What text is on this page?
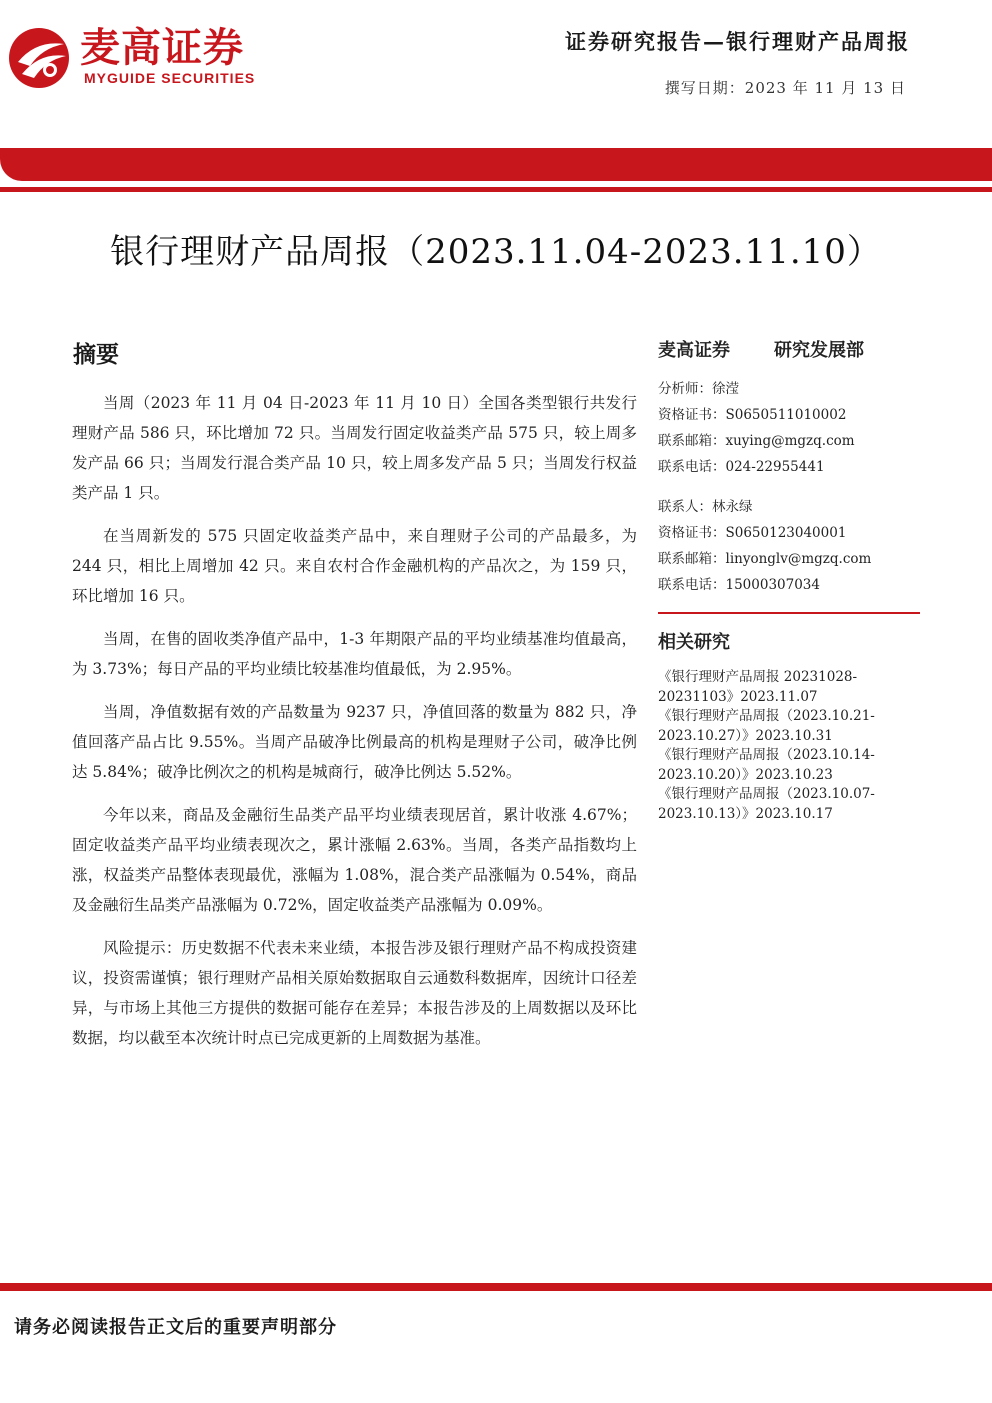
麦高证券
MYGUIDE SECURITIES
证券研究报告—银行理财产品周报
撰写日期：2023 年 11 月 13 日
银行理财产品周报（2023.11.04-2023.11.10）
摘要

当周（2023 年 11 月 04 日-2023 年 11 月 10 日）全国各类型银行共发行理财产品 586 只，环比增加 72 只。当周发行固定收益类产品 575 只，较上周多发产品 66 只；当周发行混合类产品 10 只，较上周多发产品 5 只；当周发行权益类产品 1 只。

在当周新发的 575 只固定收益类产品中，来自理财子公司的产品最多，为 244 只，相比上周增加 42 只。来自农村合作金融机构的产品次之，为 159 只，环比增加 16 只。

当周，在售的固收类净值产品中，1-3 年期限产品的平均业绩基准均值最高，为 3.73%；每日产品的平均业绩比较基准均值最低，为 2.95%。

当周，净值数据有效的产品数量为 9237 只，净值回落的数量为 882 只，净值回落产品占比 9.55%。当周产品破净比例最高的机构是理财子公司，破净比例达 5.84%；破净比例次之的机构是城商行，破净比例达 5.52%。

今年以来，商品及金融衍生品类产品平均业绩表现居首，累计收涨 4.67%；固定收益类产品平均业绩表现次之，累计涨幅 2.63%。当周，各类产品指数均上涨，权益类产品整体表现最优，涨幅为 1.08%，混合类产品涨幅为 0.54%，商品及金融衍生品类产品涨幅为 0.72%，固定收益类产品涨幅为 0.09%。

风险提示：历史数据不代表未来业绩，本报告涉及银行理财产品不构成投资建议，投资需谨慎；银行理财产品相关原始数据取自云通数科数据库，因统计口径差异，与市场上其他三方提供的数据可能存在差异；本报告涉及的上周数据以及环比数据，均以截至本次统计时点已完成更新的上周数据为基准。

麦高证券 研究发展部
分析师：徐滢
资格证书：S0650511010002
联系邮箱：xuying@mgzq.com
联系电话：024-22955441
联系人：林永绿
资格证书：S0650123040001
联系邮箱：linyonglv@mgzq.com
联系电话：15000307034
相关研究
《银行理财产品周报 20231028-20231103》2023.11.07
《银行理财产品周报（2023.10.21-2023.10.27）》2023.10.31
《银行理财产品周报（2023.10.14-2023.10.20）》2023.10.23
《银行理财产品周报（2023.10.07-2023.10.13）》2023.10.17
请务必阅读报告正文后的重要声明部分
